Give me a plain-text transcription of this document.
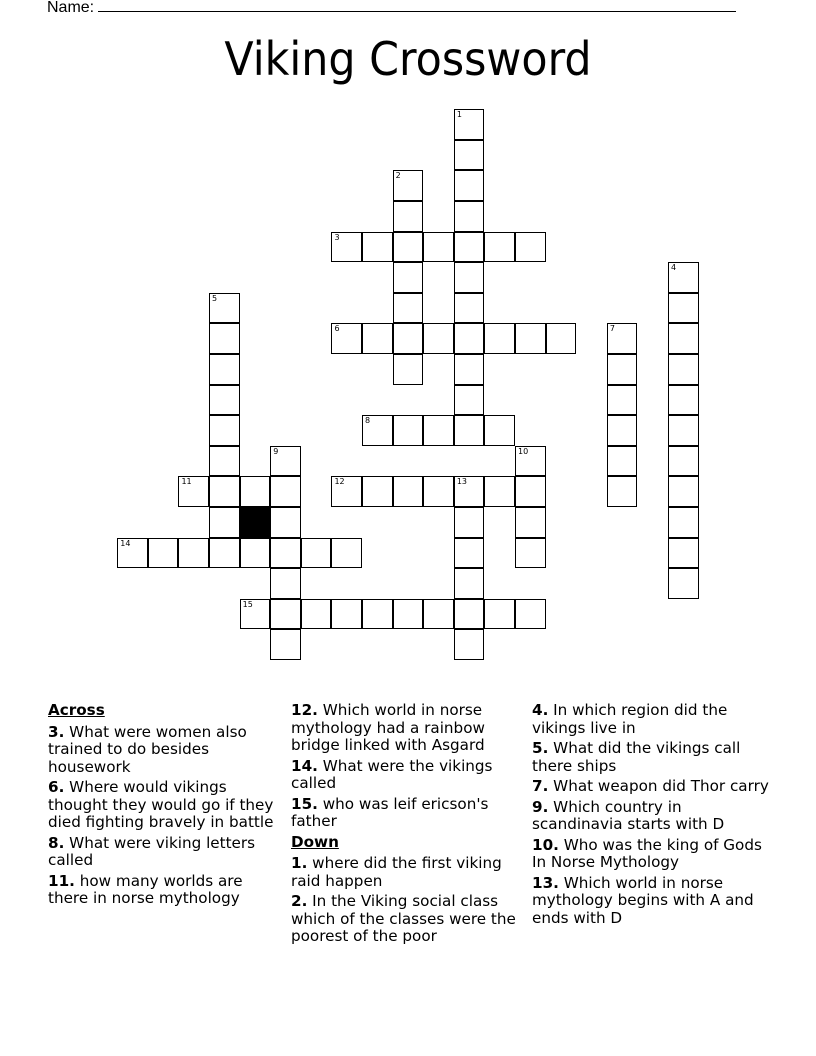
Name:
Viking Crossword
1
2
3
4
5
6	7
8
9	10
11	12	13
14
15
Across
3. What were women also trained to do besides housework
6. Where would vikings thought they would go if they died fighting bravely in battle
8. What were viking letters called
11. how many worlds are there in norse mythology
12. Which world in norse mythology had a rainbow bridge linked with Asgard
14. What were the vikings called
15. who was leif ericson's father
Down
1. where did the first viking raid happen
2. In the Viking social class which of the classes were the poorest of the poor
4. In which region did the vikings live in
5. What did the vikings call there ships
7. What weapon did Thor carry
9. Which country in scandinavia starts with D
10. Who was the king of Gods In Norse Mythology
13. Which world in norse mythology begins with A and ends with D
